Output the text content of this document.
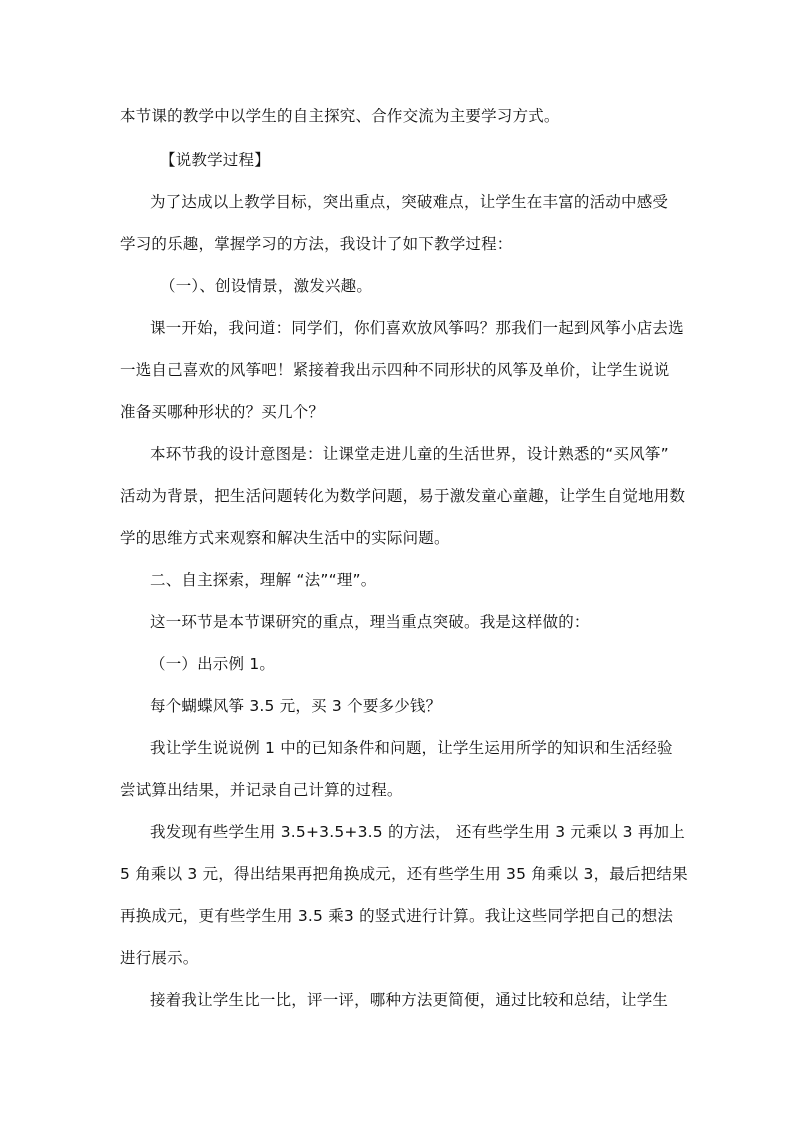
本节课的教学中以学生的自主探究、合作交流为主要学习方式。
【说教学过程】
为了达成以上教学目标，突出重点，突破难点，让学生在丰富的活动中感受
学习的乐趣，掌握学习的方法，我设计了如下教学过程：
（一）、创设情景，激发兴趣。
课一开始，我问道：同学们，你们喜欢放风筝吗？那我们一起到风筝小店去选
一选自己喜欢的风筝吧！紧接着我出示四种不同形状的风筝及单价，让学生说说
准备买哪种形状的？买几个？
本环节我的设计意图是：让课堂走进儿童的生活世界，设计熟悉的“买风筝”
活动为背景，把生活问题转化为数学问题，易于激发童心童趣，让学生自觉地用数
学的思维方式来观察和解决生活中的实际问题。
二、自主探索，理解 “法”“理”。
这一环节是本节课研究的重点，理当重点突破。我是这样做的：
（一）出示例 1。
每个蝴蝶风筝 3.5 元，买 3 个要多少钱？
我让学生说说例 1 中的已知条件和问题，让学生运用所学的知识和生活经验
尝试算出结果，并记录自己计算的过程。
我发现有些学生用 3.5+3.5+3.5 的方法， 还有些学生用 3 元乘以 3 再加上
5 角乘以 3 元，得出结果再把角换成元，还有些学生用 35 角乘以 3，最后把结果
再换成元，更有些学生用 3.5 乘3 的竖式进行计算。我让这些同学把自己的想法
进行展示。
接着我让学生比一比，评一评，哪种方法更简便，通过比较和总结，让学生
